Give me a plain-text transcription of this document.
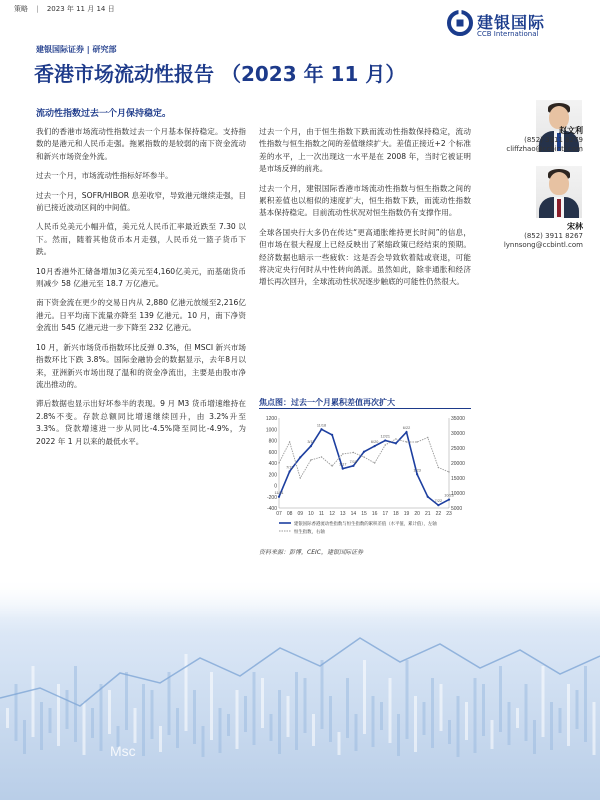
策略 | 2023 年 11 月 14 日
建银国际
CCB International
建银国际证券 | 研究部
香港市场流动性报告 （2023 年 11 月）
流动性指数过去一个月保持稳定。

我们的香港市场流动性指数过去一个月基本保持稳定。支持指数的是港元和人民币走强。拖累指数的是较弱的南下资金流动和新兴市场资金外流。

过去一个月，市场流动性指标好坏参半。

过去一个月，SOFR/HIBOR 息差收窄，导致港元继续走强，目前已接近波动区间的中间值。

人民币兑美元小幅升值，美元兑人民币汇率最近跌至 7.30 以下。然而，随着其他货币本月走强，人民币兑一篮子货币下跌。

10月香港外汇储备增加3亿美元至4,160亿美元，而基础货币则减少 58 亿港元至 18.7 万亿港元。

南下资金流在更少的交易日内从 2,880 亿港元放缓至2,216亿港元。日平均南下流量亦降至 139 亿港元。10 月，南下净资金流出 545 亿港元进一步下降至 232 亿港元。

10 月，新兴市场货币指数环比反弹 0.3%，但 MSCI 新兴市场指数环比下跌 3.8%。国际金融协会的数据显示，去年8月以来，亚洲新兴市场出现了温和的资金净流出，主要是由股市净流出推动的。

滞后数据也显示出好坏参半的表现。9 月 M3 货币增速维持在 2.8%不变。存款总额同比增速继续回升，由 3.2%升至 3.3%。贷款增速进一步从同比-4.5%降至同比-4.9%，为 2022 年 1 月以来的最低水平。

过去一个月，由于恒生指数下跌而流动性指数保持稳定，流动性指数与恒生指数之间的差值继续扩大。差值正接近+2 个标准差的水平，上一次出现这一水平是在 2008 年，当时它被证明是市场反弹的前兆。

过去一个月，建银国际香港市场流动性指数与恒生指数之间的累积差值也以相似的速度扩大，恒生指数下跌，而流动性指数基本保持稳定。目前流动性状况对恒生指数仍有支撑作用。

全球各国央行大多仍在传达“更高通胀维持更长时间”的信息，但市场在很大程度上已经反映出了紧缩政策已经结束的预期。经济数据也暗示一些疲软：这是否会导致软着陆或衰退，可能将决定央行何时从中性转向鸽派。虽然如此，除非通胀和经济增长再次回升，全球流动性状况逐步触底的可能性仍然很大。

赵文利
(852) 3911 8279
cliffzhao@ccbintl.com
宋林
(852) 3911 8267
lynnsong@ccbintl.com
焦点图：过去一个月累积差值再次扩大
1200
1000
800
600
400
200
0
-200
-400
35000
30000
25000
20000
15000
10000
5000
07 08 09 10 11 12 13 14 15 16 17 18 19 20 21 22 23
11/11
7/11
3/11
11/18
1/17
7/18
6/20
12/21
6/22
1/23
7/22
10/23
建银国际香港流动性指数与恒生指数的累积差值（水平值，累计值），左轴
恒生指数，右轴
资料来源：彭博，CEIC，建银国际证券
Msc
